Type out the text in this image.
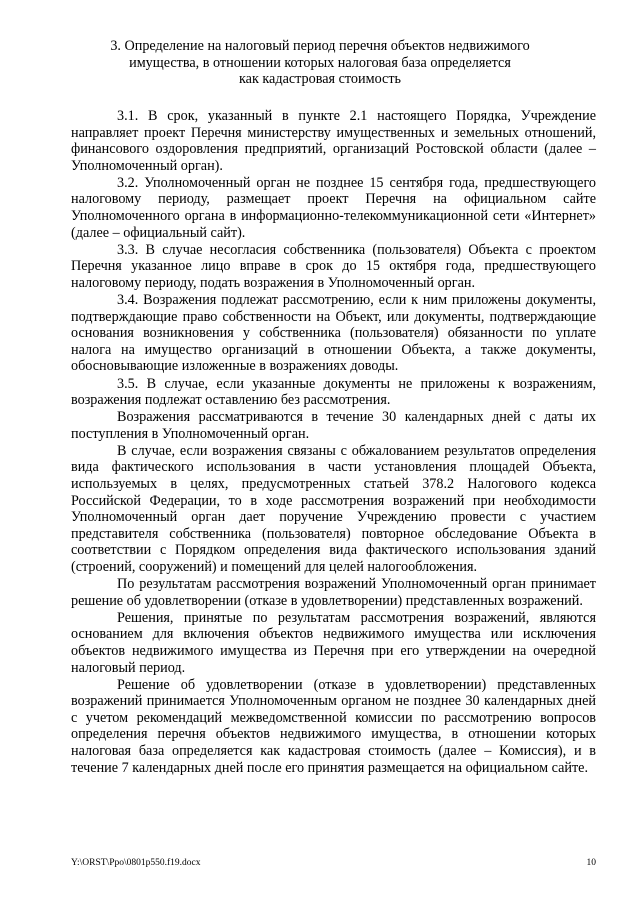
3. Определение на налоговый период перечня объектов недвижимого
имущества, в отношении которых налоговая база определяется
как кадастровая стоимость

3.1. В срок, указанный в пункте 2.1 настоящего Порядка, Учреждение направляет проект Перечня министерству имущественных и земельных отношений, финансового оздоровления предприятий, организаций Ростовской области (далее – Уполномоченный орган).

3.2. Уполномоченный орган не позднее 15 сентября года, предшествующего налоговому периоду, размещает проект Перечня на официальном сайте Уполномоченного органа в информационно-телекоммуникационной сети «Интернет» (далее – официальный сайт).

3.3. В случае несогласия собственника (пользователя) Объекта с проектом Перечня указанное лицо вправе в срок до 15 октября года, предшествующего налоговому периоду, подать возражения в Уполномоченный орган.

3.4. Возражения подлежат рассмотрению, если к ним приложены документы, подтверждающие право собственности на Объект, или документы, подтверждающие основания возникновения у собственника (пользователя) обязанности по уплате налога на имущество организаций в отношении Объекта, а также документы, обосновывающие изложенные в возражениях доводы.

3.5. В случае, если указанные документы не приложены к возражениям, возражения подлежат оставлению без рассмотрения.

Возражения рассматриваются в течение 30 календарных дней с даты их поступления в Уполномоченный орган.

В случае, если возражения связаны с обжалованием результатов определения вида фактического использования в части установления площадей Объекта, используемых в целях, предусмотренных статьей 378.2 Налогового кодекса Российской Федерации, то в ходе рассмотрения возражений при необходимости Уполномоченный орган дает поручение Учреждению провести с участием представителя собственника (пользователя) повторное обследование Объекта в соответствии с Порядком определения вида фактического использования зданий (строений, сооружений) и помещений для целей налогообложения.

По результатам рассмотрения возражений Уполномоченный орган принимает решение об удовлетворении (отказе в удовлетворении) представленных возражений.

Решения, принятые по результатам рассмотрения возражений, являются основанием для включения объектов недвижимого имущества или исключения объектов недвижимого имущества из Перечня при его утверждении на очередной налоговый период.

Решение об удовлетворении (отказе в удовлетворении) представленных возражений принимается Уполномоченным органом не позднее 30 календарных дней с учетом рекомендаций межведомственной комиссии по рассмотрению вопросов определения перечня объектов недвижимого имущества, в отношении которых налоговая база определяется как кадастровая стоимость (далее – Комиссия), и в течение 7 календарных дней после его принятия размещается на официальном сайте.

Y:\ORST\Ppo\0801p550.f19.docx	10
